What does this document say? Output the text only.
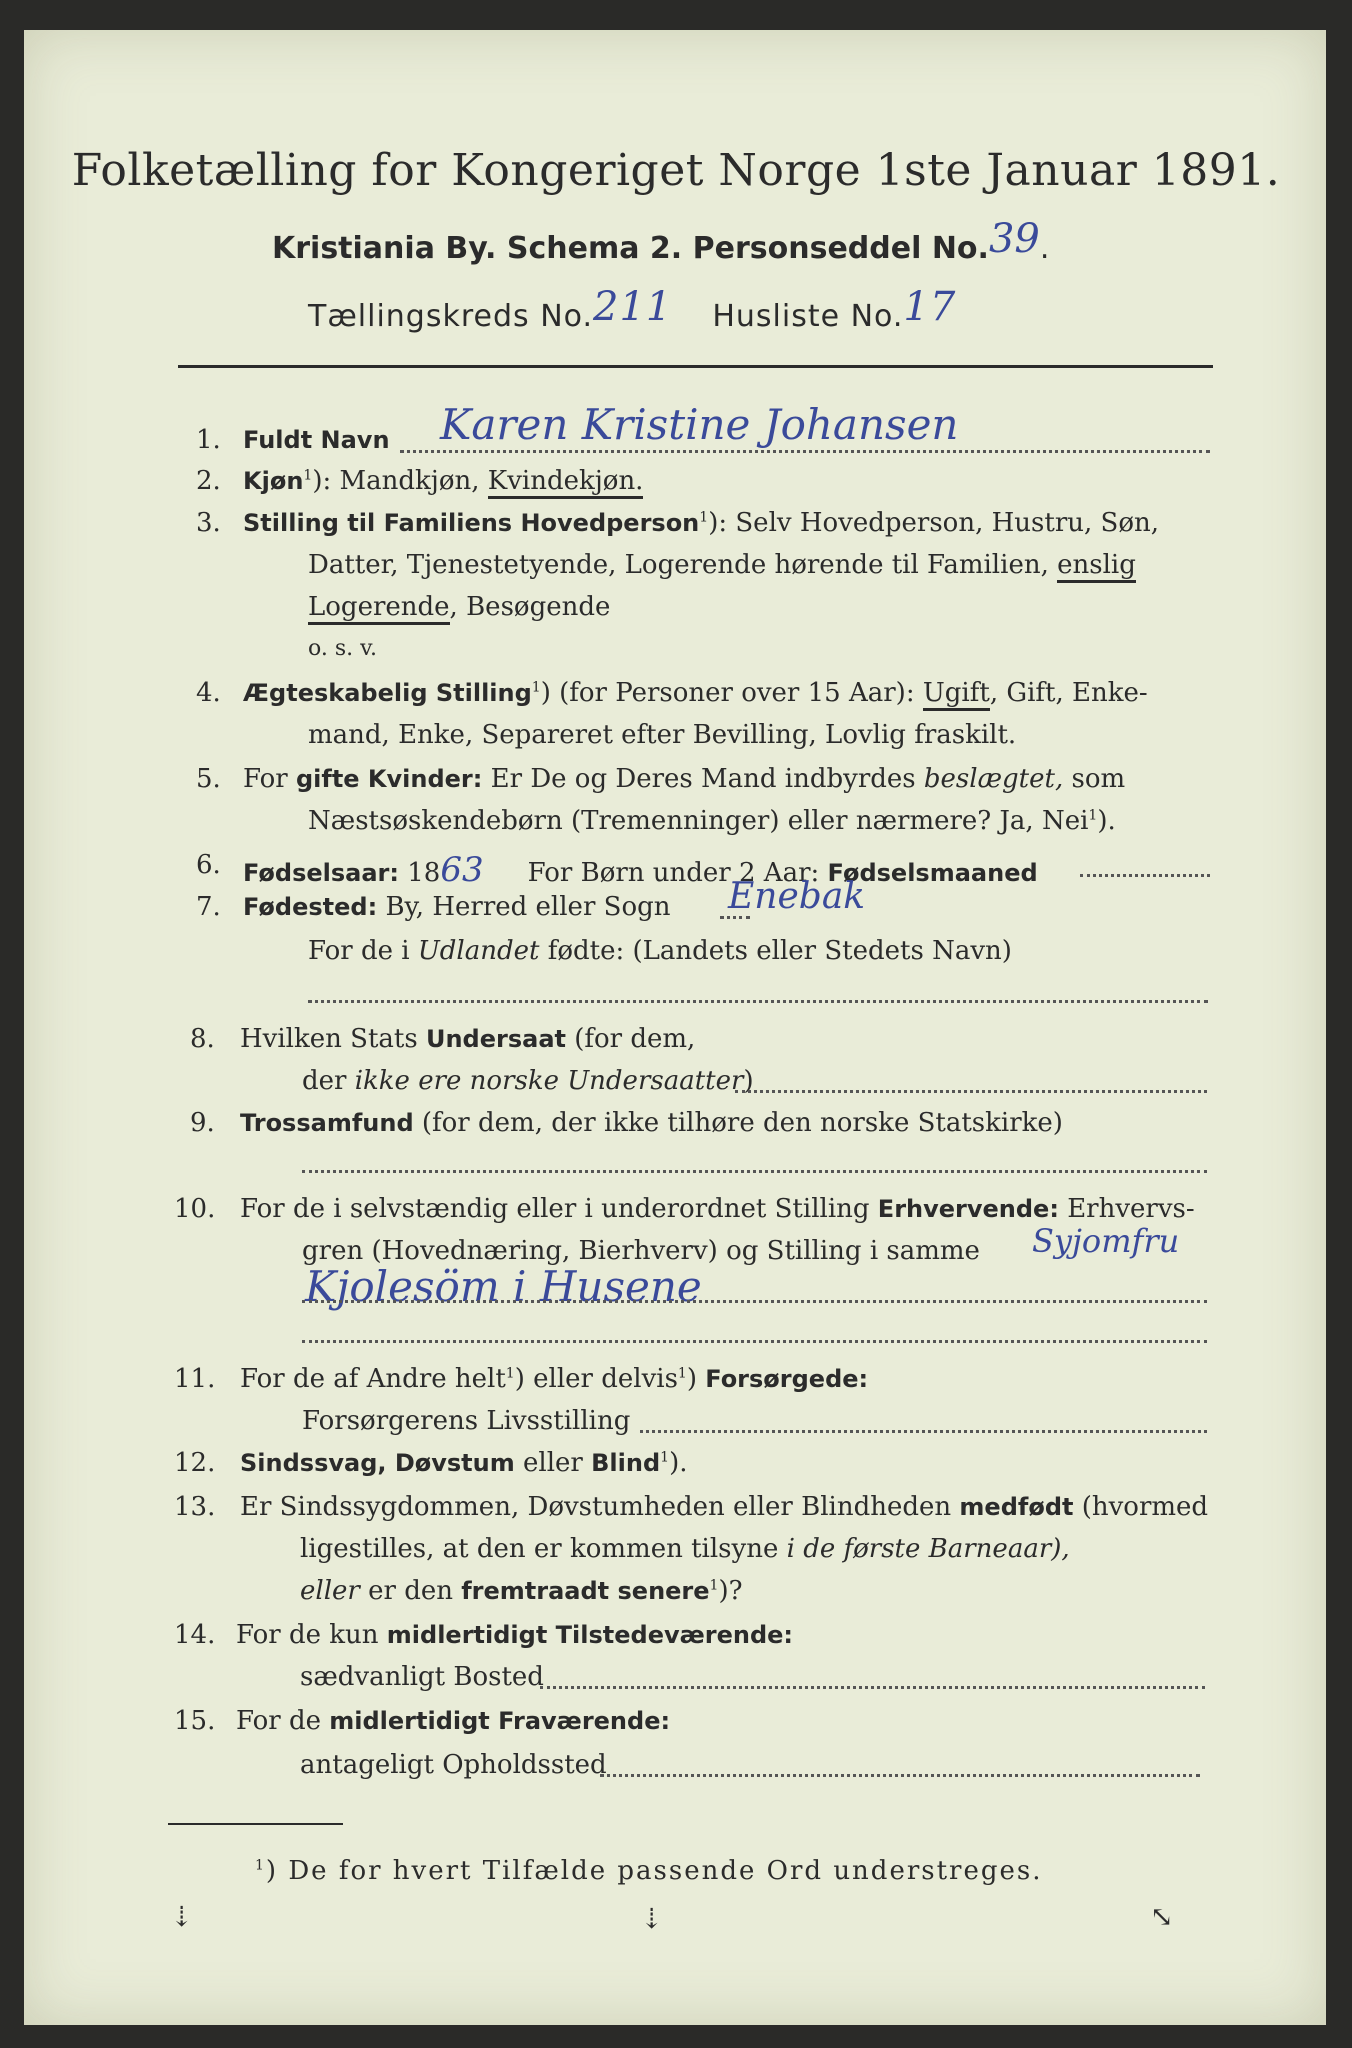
Folketælling for Kongeriget Norge 1ste Januar 1891.
Kristiania By. Schema 2. Personseddel No.39.
Tællingskreds No.211 Husliste No.17
1. Fuldt Navn Karen Kristine Johansen
2. Kjøn$^1$): Mandkjøn, Kvindekjøn.
3. Stilling til Familiens Hovedperson$^1$): Selv Hovedperson, Hustru, Søn,
Datter, Tjenestetyende, Logerende hørende til Familien, enslig
Logerende, Besøgende
o. s. v.
4. Ægteskabelig Stilling$^1$) (for Personer over 15 Aar): Ugift, Gift, Enke-
mand, Enke, Separeret efter Bevilling, Lovlig fraskilt.
5. For gifte Kvinder: Er De og Deres Mand indbyrdes beslægtet, som
Næstsøskendebørn (Tremenninger) eller nærmere? Ja, Nei$^1$).
6. Fødselsaar: 1863 For Børn under 2 Aar: Fødselsmaaned
7. Fødested: By, Herred eller Sogn Enebak
For de i Udlandet fødte: (Landets eller Stedets Navn)
8. Hvilken Stats Undersaat (for dem,
der ikke ere norske Undersaatter)
9. Trossamfund (for dem, der ikke tilhøre den norske Statskirke)
10. For de i selvstændig eller i underordnet Stilling Erhvervende: Erhvervs-
gren (Hovednæring, Bierhverv) og Stilling i samme Syjomfru
Kjolesöm i Husene
11. For de af Andre helt$^1$) eller delvis$^1$) Forsørgede:
Forsørgerens Livsstilling
12. Sindssvag, Døvstum eller Blind$^1$).
13. Er Sindssygdommen, Døvstumheden eller Blindheden medfødt (hvormed
ligestilles, at den er kommen tilsyne i de første Barneaar),
eller er den fremtraadt senere$^1$)?
14. For de kun midlertidigt Tilstedeværende:
sædvanligt Bosted
15. For de midlertidigt Fraværende:
antageligt Opholdssted
$^1$) De for hvert Tilfælde passende Ord understreges.
⇣	⇣	⤡
